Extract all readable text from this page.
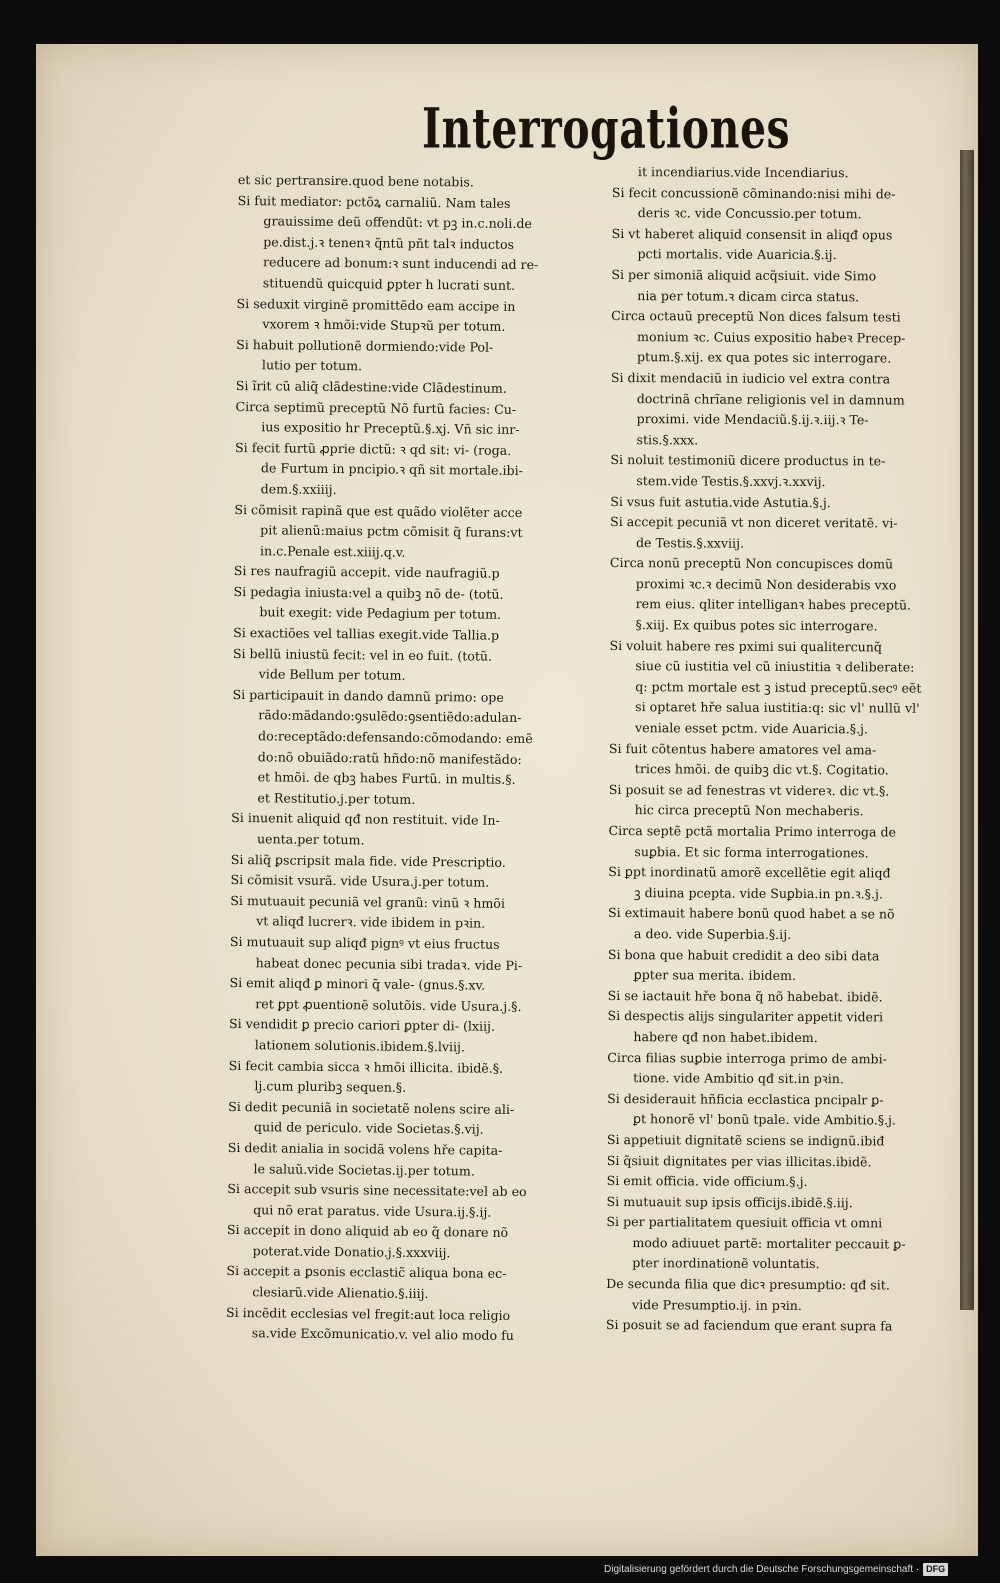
Interrogationes
et sic pertransire.quod bene notabis.
Si fuit mediator: pctõꝝ carnaliũ. Nam tales
grauissime deũ offendũt: vt pꝫ in.c.noli.de
pe.dist.j.ꝛ tenenꝛ q̃ntũ pñt talꝛ inductos
reducere ad bonum:ꝛ sunt inducendi ad re-
stituendũ quicquid ꝑpter h lucrati sunt.
Si seduxit virginẽ promittẽdo eam accipe in
vxorem ꝛ hmõi:vide Stupꝛũ per totum.
Si habuit pollutionẽ dormiendo:vide Pol-
lutio per totum.
Si ĩrit cũ aliq̃ clãdestine:vide Clãdestinum.
Circa septimũ preceptũ Nõ furtũ facies: Cu-
ius expositio hr Preceptũ.§.xj. Vñ sic inr-
Si fecit furtũ ꝓprie dictũ: ꝛ qd sit: vi- (roga.
de Furtum in pncipio.ꝛ qñ sit mortale.ibi-
dem.§.xxiiij.
Si cõmisit rapinã que est quãdo violẽter acce
pit alienũ:maius pctm cõmisit q̃ furans:vt
in.c.Penale est.xiiij.q.v.
Si res naufragiũ accepit. vide naufragiũ.p
Si pedagia iniusta:vel a quibꝫ nõ de- (totũ.
buit exegit: vide Pedagium per totum.
Si exactiões vel tallias exegit.vide Tallia.p
Si bellũ iniustũ fecit: vel in eo fuit. (totũ.
vide Bellum per totum.
Si participauit in dando damnũ primo: ope
rãdo:mãdando:ꝯsulẽdo:ꝯsentiẽdo:adulan-
do:receptãdo:defensando:cõmodando: emẽ
do:nõ obuiãdo:ratũ hñdo:nõ manifestãdo:
et hmõi. de qbꝫ habes Furtũ. in multis.§.
et Restitutio.j.per totum.
Si inuenit aliquid qđ non restituit. vide In-
uenta.per totum.
Si aliq̃ ꝑscripsit mala fide. vide Prescriptio.
Si cõmisit vsurã. vide Usura.j.per totum.
Si mutuauit pecuniã vel granũ: vinũ ꝛ hmõi
vt aliqđ lucrerꝛ. vide ibidem in pꝛin.
Si mutuauit sup aliqđ pignꝰ vt eius fructus
habeat donec pecunia sibi tradaꝛ. vide Pi-
Si emit aliqđ ꝑ minori q̃ vale- (gnus.§.xv.
ret ꝑpt ꝓuentionẽ solutõis. vide Usura.j.§.
Si vendidit ꝑ precio cariori ꝑpter di- (lxiij.
lationem solutionis.ibidem.§.lviij.
Si fecit cambia sicca ꝛ hmõi illicita. ibidẽ.§.
lj.cum pluribꝫ sequen.§.
Si dedit pecuniã in societatẽ nolens scire ali-
quid de periculo. vide Societas.§.vij.
Si dedit anialia in socidã volens hře capita-
le saluũ.vide Societas.ij.per totum.
Si accepit sub vsuris sine necessitate:vel ab eo
qui nõ erat paratus. vide Usura.ij.§.ij.
Si accepit in dono aliquid ab eo q̃ donare nõ
poterat.vide Donatio.j.§.xxxviij.
Si accepit a ꝑsonis ecclastic̃ aliqua bona ec-
clesiarũ.vide Alienatio.§.iiij.
Si incẽdit ecclesias vel fregit:aut loca religio
sa.vide Excõmunicatio.v. vel alio modo fu
it incendiarius.vide Incendiarius.
Si fecit concussionẽ cõminando:nisi mihi de-
deris ꝛc. vide Concussio.per totum.
Si vt haberet aliquid consensit in aliqđ opus
pcti mortalis. vide Auaricia.§.ij.
Si per simoniã aliquid acq̃siuit. vide Simo
nia per totum.ꝛ dicam circa status.
Circa octauũ preceptũ Non dices falsum testi
monium ꝛc. Cuius expositio habeꝛ Precep-
ptum.§.xij. ex qua potes sic interrogare.
Si dixit mendaciũ in iudicio vel extra contra
doctrinã chrĩane religionis vel in damnum
proximi. vide Mendaciũ.§.ij.ꝛ.iij.ꝛ Te-
stis.§.xxx.
Si noluit testimoniũ dicere productus in te-
stem.vide Testis.§.xxvj.ꝛ.xxvij.
Si vsus fuit astutia.vide Astutia.§.j.
Si accepit pecuniã vt non diceret veritatẽ. vi-
de Testis.§.xxviij.
Circa nonũ preceptũ Non concupisces domũ
proximi ꝛc.ꝛ decimũ Non desiderabis vxo
rem eius. qliter intelliganꝛ habes preceptũ.
§.xiij. Ex quibus potes sic interrogare.
Si voluit habere res pximi sui qualitercunq̃
siue cũ iustitia vel cũ iniustitia ꝛ deliberate:
q: pctm mortale est ꝫ istud preceptũ.secꝰ eẽt
si optaret hře salua iustitia:q: sic vl' nullũ vl'
veniale esset pctm. vide Auaricia.§.j.
Si fuit cõtentus habere amatores vel ama-
trices hmõi. de quibꝫ dic vt.§. Cogitatio.
Si posuit se ad fenestras vt videreꝛ. dic vt.§.
hic circa preceptũ Non mechaberis.
Circa septẽ pctã mortalia Primo interroga de
suꝑbia. Et sic forma interrogationes.
Si ꝑpt inordinatũ amorẽ excellẽtie egit aliqđ
ꝫ diuina pcepta. vide Suꝑbia.in pn.ꝛ.§.j.
Si extimauit habere bonũ quod habet a se nõ
a deo. vide Superbia.§.ij.
Si bona que habuit credidit a deo sibi data
ꝑpter sua merita. ibidem.
Si se iactauit hře bona q̃ nõ habebat. ibidẽ.
Si despectis alijs singulariter appetit videri
habere qđ non habet.ibidem.
Circa filias suꝑbie interroga primo de ambi-
tione. vide Ambitio qđ sit.in pꝛin.
Si desiderauit hñficia ecclastica pncipalr ꝑ-
ꝑt honorẽ vl' bonũ tpale. vide Ambitio.§.j.
Si appetiuit dignitatẽ sciens se indignũ.ibiđ
Si q̃siuit dignitates per vias illicitas.ibidẽ.
Si emit officia. vide officium.§.j.
Si mutuauit sup ipsis officijs.ibidẽ.§.iij.
Si per partialitatem quesiuit officia vt omni
modo adiuuet partẽ: mortaliter peccauit ꝑ-
pter inordinationẽ voluntatis.
De secunda filia que dicꝛ presumptio: qđ sit.
vide Presumptio.ij. in pꝛin.
Si posuit se ad faciendum que erant supra fa
Digitalisierung gefördert durch die Deutsche Forschungsgemeinschaft · DFG
